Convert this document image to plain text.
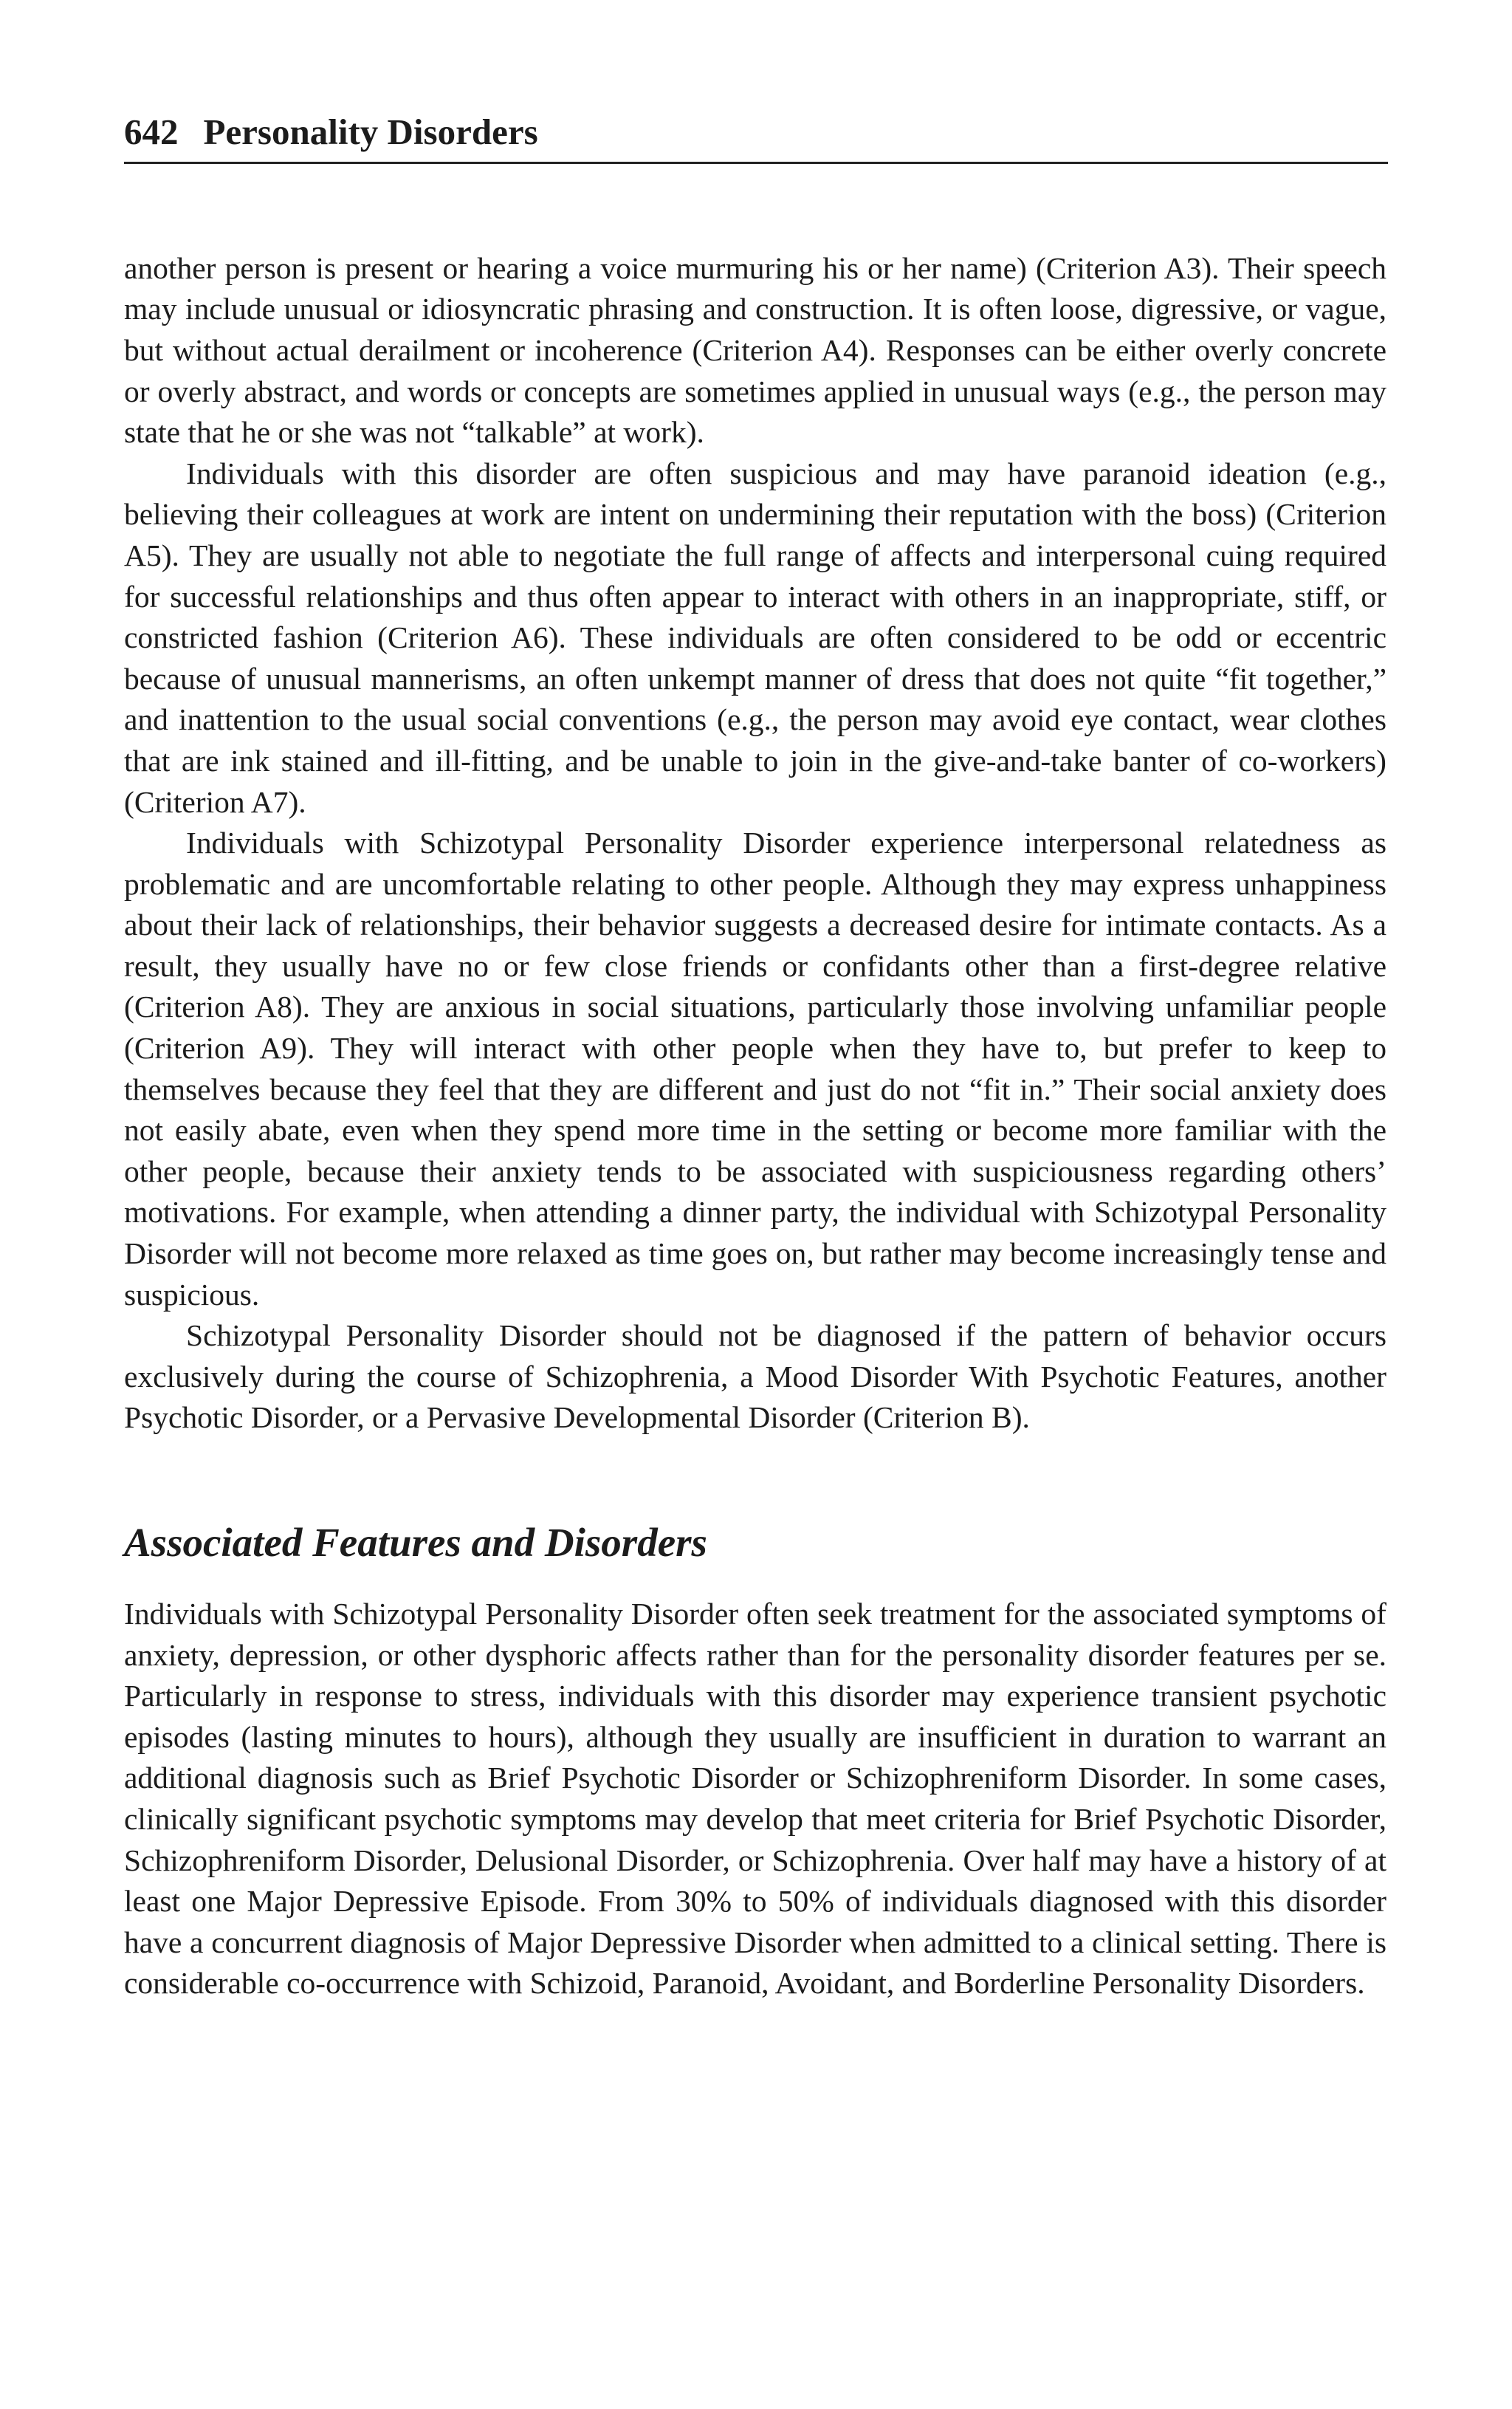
642 Personality Disorders

another person is present or hearing a voice murmuring his or her name) (Criterion A3). Their speech may include unusual or idiosyncratic phrasing and construction. It is often loose, digressive, or vague, but without actual derailment or incoherence (Criterion A4). Responses can be either overly concrete or overly abstract, and words or concepts are sometimes applied in unusual ways (e.g., the person may state that he or she was not “talkable” at work).

Individuals with this disorder are often suspicious and may have paranoid ideation (e.g., believing their colleagues at work are intent on undermining their reputation with the boss) (Criterion A5). They are usually not able to negotiate the full range of affects and interpersonal cuing required for successful relationships and thus often appear to interact with others in an inappropriate, stiff, or constricted fashion (Criterion A6). These individuals are often considered to be odd or eccentric because of unusual mannerisms, an often unkempt manner of dress that does not quite “fit together,” and inattention to the usual social conventions (e.g., the person may avoid eye contact, wear clothes that are ink stained and ill-fitting, and be unable to join in the give-and-take banter of co-workers) (Criterion A7).

Individuals with Schizotypal Personality Disorder experience interpersonal relatedness as problematic and are uncomfortable relating to other people. Although they may express unhappiness about their lack of relationships, their behavior suggests a decreased desire for intimate contacts. As a result, they usually have no or few close friends or confidants other than a first-degree relative (Criterion A8). They are anxious in social situations, particularly those involving unfamiliar people (Criterion A9). They will interact with other people when they have to, but prefer to keep to themselves because they feel that they are different and just do not “fit in.” Their social anxiety does not easily abate, even when they spend more time in the setting or become more familiar with the other people, because their anxiety tends to be associated with suspiciousness regarding others’ motivations. For example, when attending a dinner party, the individual with Schizotypal Personality Disorder will not become more relaxed as time goes on, but rather may become increasingly tense and suspicious.

Schizotypal Personality Disorder should not be diagnosed if the pattern of behavior occurs exclusively during the course of Schizophrenia, a Mood Disorder With Psychotic Features, another Psychotic Disorder, or a Pervasive Developmental Disorder (Criterion B).

Associated Features and Disorders

Individuals with Schizotypal Personality Disorder often seek treatment for the associated symptoms of anxiety, depression, or other dysphoric affects rather than for the personality disorder features per se. Particularly in response to stress, individuals with this disorder may experience transient psychotic episodes (lasting minutes to hours), although they usually are insufficient in duration to warrant an additional diagnosis such as Brief Psychotic Disorder or Schizophreniform Disorder. In some cases, clinically significant psychotic symptoms may develop that meet criteria for Brief Psychotic Disorder, Schizophreniform Disorder, Delusional Disorder, or Schizophrenia. Over half may have a history of at least one Major Depressive Episode. From 30% to 50% of individuals diagnosed with this disorder have a concurrent diagnosis of Major Depressive Disorder when admitted to a clinical setting. There is considerable co-occurrence with Schizoid, Paranoid, Avoidant, and Borderline Personality Disorders.
